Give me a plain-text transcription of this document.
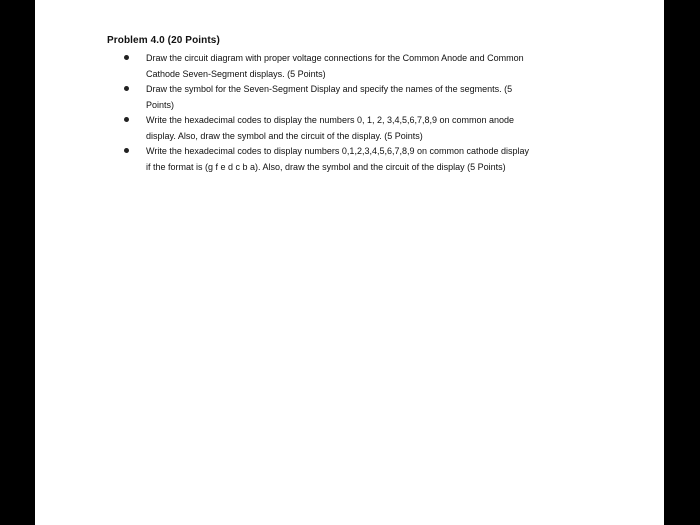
Problem 4.0 (20 Points)
Draw the circuit diagram with proper voltage connections for the Common Anode and Common
Cathode Seven-Segment displays. (5 Points)
Draw the symbol for the Seven-Segment Display and specify the names of the segments. (5
Points)
Write the hexadecimal codes to display the numbers 0, 1, 2, 3,4,5,6,7,8,9 on common anode
display. Also, draw the symbol and the circuit of the display. (5 Points)
Write the hexadecimal codes to display numbers 0,1,2,3,4,5,6,7,8,9 on common cathode display
if the format is (g f e d c b a). Also, draw the symbol and the circuit of the display (5 Points)
